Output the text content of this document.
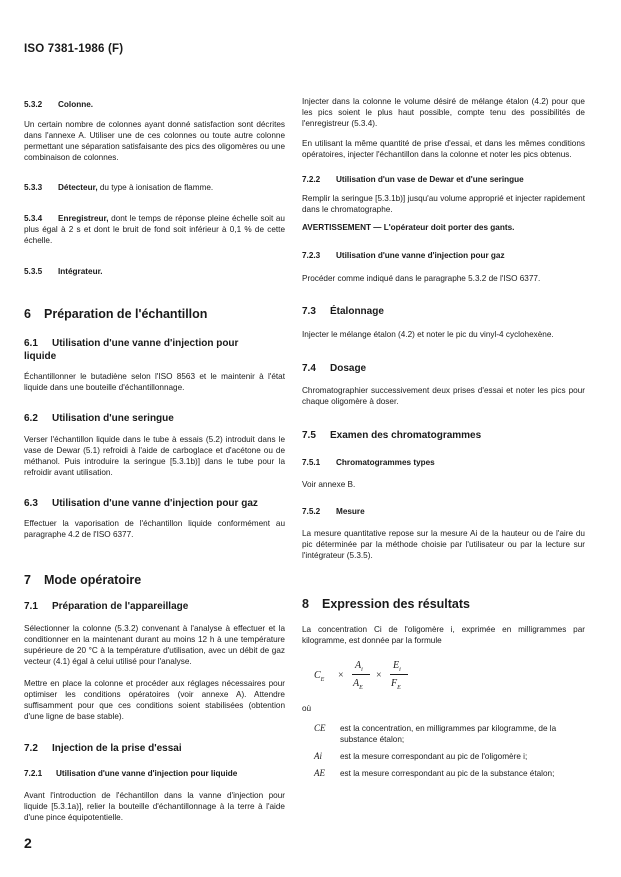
ISO 7381-1986 (F)
5.3.2 Colonne.

Un certain nombre de colonnes ayant donné satisfaction sont décrites dans l'annexe A. Utiliser une de ces colonnes ou toute autre colonne permettant une séparation satisfaisante des pics des oligomères ou une combinaison de colonnes.

5.3.3 Détecteur, du type à ionisation de flamme.

5.3.4 Enregistreur, dont le temps de réponse pleine échelle soit au plus égal à 2 s et dont le bruit de fond soit inférieur à 0,1 % de cette échelle.

5.3.5 Intégrateur.
6 Préparation de l'échantillon
6.1 Utilisation d'une vanne d'injection pour
liquide

Échantillonner le butadiène selon l'ISO 8563 et le maintenir à l'état liquide dans une bouteille d'échantillonnage.

6.2 Utilisation d'une seringue

Verser l'échantillon liquide dans le tube à essais (5.2) introduit dans le vase de Dewar (5.1) refroidi à l'aide de carboglace et d'acétone ou de méthanol. Puis introduire la seringue [5.3.1b)] dans le tube pour la refroidir avant utilisation.

6.3 Utilisation d'une vanne d'injection pour gaz

Effectuer la vaporisation de l'échantillon liquide conformément au paragraphe 4.2 de l'ISO 6377.

7 Mode opératoire
7.1 Préparation de l'appareillage

Sélectionner la colonne (5.3.2) convenant à l'analyse à effectuer et la conditionner en la maintenant durant au moins 12 h à une température supérieure de 20 °C à la température d'utilisation, avec un débit de gaz vecteur (4.1) égal à celui utilisé pour l'analyse.

Mettre en place la colonne et procéder aux réglages nécessaires pour optimiser les conditions opératoires (voir annexe A). Attendre suffisamment pour que ces conditions soient stabilisées (obtention d'une ligne de base stable).

7.2 Injection de la prise d'essai
7.2.1 Utilisation d'une vanne d'injection pour liquide

Avant l'introduction de l'échantillon dans la vanne d'injection pour liquide [5.3.1a)], relier la bouteille d'échantillonnage à la terre à l'aide d'une pince équipotentielle.

Injecter dans la colonne le volume désiré de mélange étalon (4.2) pour que les pics soient le plus haut possible, compte tenu des possibilités de l'enregistreur (5.3.4).

En utilisant la même quantité de prise d'essai, et dans les mêmes conditions opératoires, injecter l'échantillon dans la colonne et noter les pics obtenus.

7.2.2 Utilisation d'un vase de Dewar et d'une seringue

Remplir la seringue [5.3.1b)] jusqu'au volume approprié et injecter rapidement dans le chromatographe.

AVERTISSEMENT — L'opérateur doit porter des gants.

7.2.3 Utilisation d'une vanne d'injection pour gaz

Procéder comme indiqué dans le paragraphe 5.3.2 de l'ISO 6377.

7.3 Étalonnage

Injecter le mélange étalon (4.2) et noter le pic du vinyl-4 cyclohexène.

7.4 Dosage

Chromatographier successivement deux prises d'essai et noter les pics pour chaque oligomère à doser.

7.5 Examen des chromatogrammes
7.5.1 Chromatogrammes types

Voir annexe B.

7.5.2 Mesure

La mesure quantitative repose sur la mesure Ai de la hauteur ou de l'aire du pic déterminée par la méthode choisie par l'utilisateur ou par la lecture sur l'intégrateur (5.3.5).

8 Expression des résultats

La concentration Ci de l'oligomère i, exprimée en milligrammes par kilogramme, est donnée par la formule

$C_E$ ×
$A_i$
$A_E$
×
$E_i$
$F_E$

où

CE est la concentration, en milligrammes par kilogramme, de la substance étalon;
Ai est la mesure correspondant au pic de l'oligomère i;
AE est la mesure correspondant au pic de la substance étalon;
2
